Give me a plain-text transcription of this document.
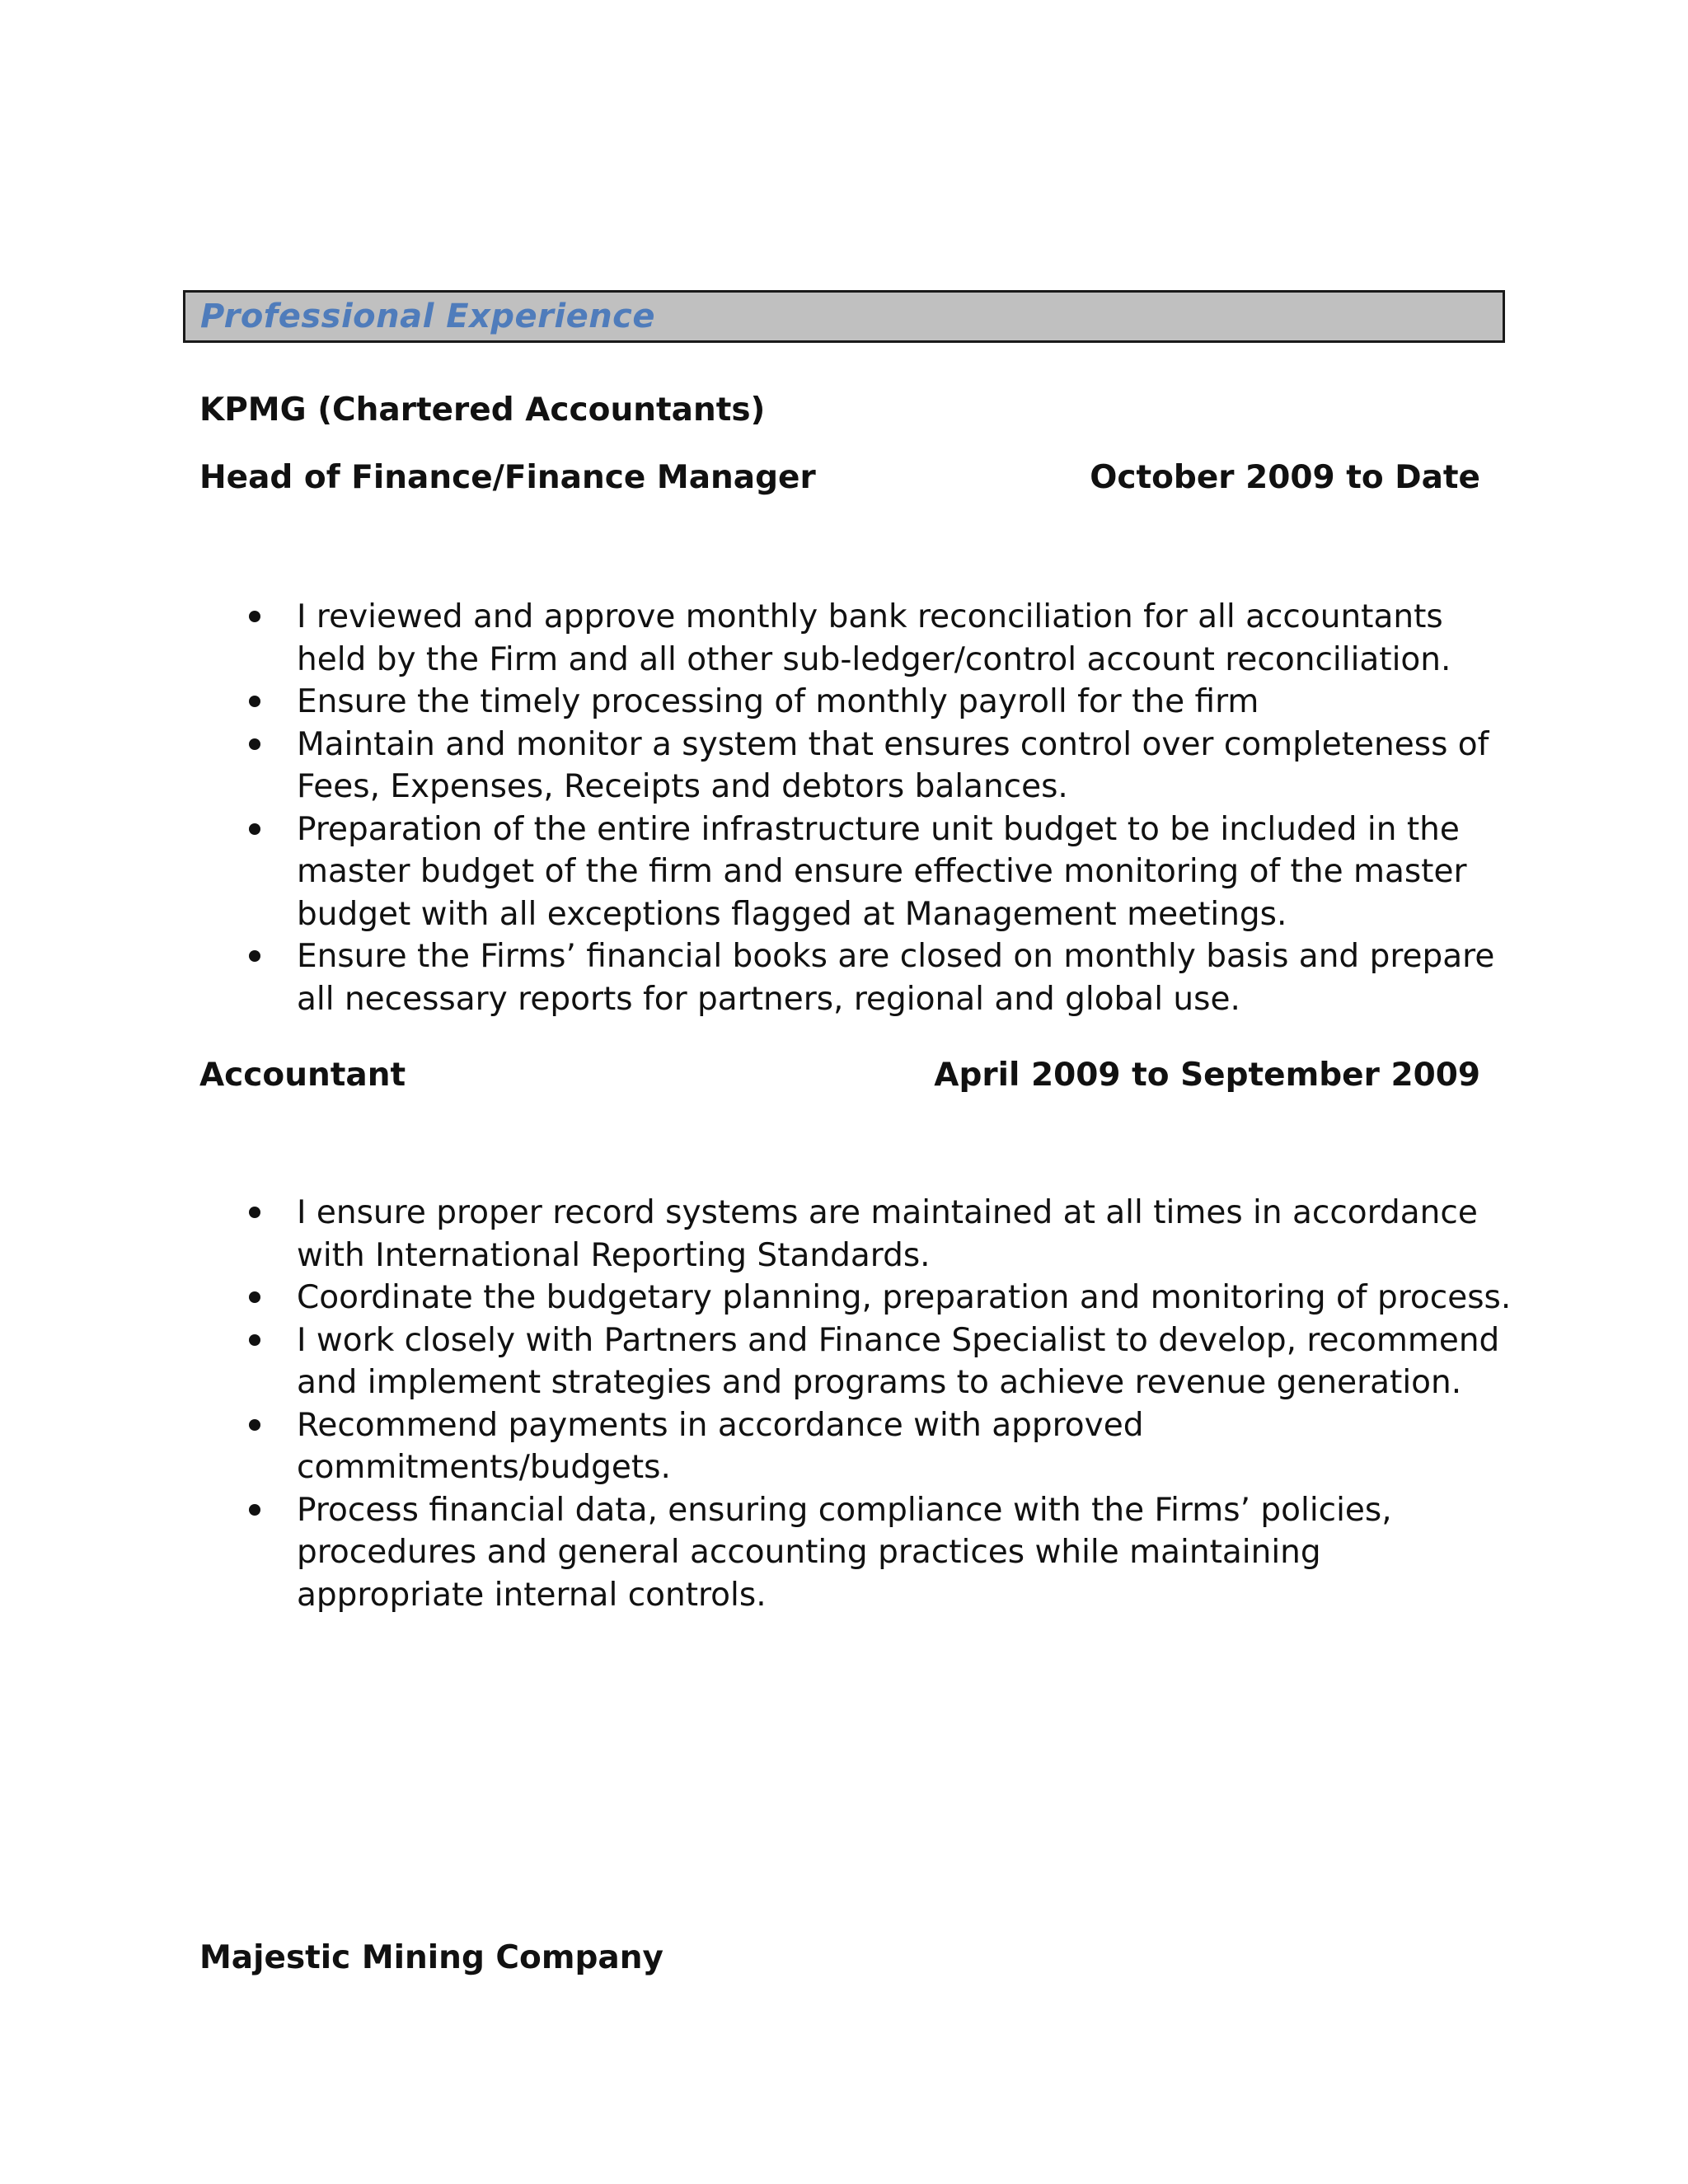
Professional Experience
KPMG (Chartered Accountants)
Head of Finance/Finance Manager	October 2009 to Date
I reviewed and approve monthly bank reconciliation for all accountants held by the Firm and all other sub-ledger/control account reconciliation.
Ensure the timely processing of monthly payroll for the firm
Maintain and monitor a system that ensures control over completeness of Fees, Expenses, Receipts and debtors balances.
Preparation of the entire infrastructure unit budget to be included in the master budget of the firm and ensure effective monitoring of the master budget with all exceptions flagged at Management meetings.
Ensure the Firms’ financial books are closed on monthly basis and prepare all necessary reports for partners, regional and global use.
Accountant	April 2009 to September 2009
I ensure proper record systems are maintained at all times in accordance with International Reporting Standards.
Coordinate the budgetary planning, preparation and monitoring of process.
I work closely with Partners and Finance Specialist to develop, recommend and implement strategies and programs to achieve revenue generation.
Recommend payments in accordance with approved commitments/budgets.
Process financial data, ensuring compliance with the Firms’ policies, procedures and general accounting practices while maintaining appropriate internal controls.
Majestic Mining Company
